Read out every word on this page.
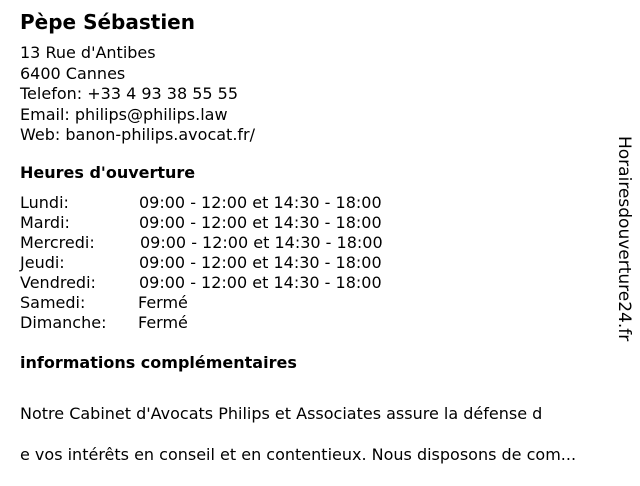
Pèpe Sébastien
13 Rue d'Antibes
6400 Cannes
Telefon: +33 4 93 38 55 55
Email: philips@philips.law
Web: banon-philips.avocat.fr/
Heures d'ouverture
Lundi:	09:00 - 12:00 et 14:30 - 18:00
Mardi:	09:00 - 12:00 et 14:30 - 18:00
Mercredi:	09:00 - 12:00 et 14:30 - 18:00
Jeudi:	09:00 - 12:00 et 14:30 - 18:00
Vendredi:	09:00 - 12:00 et 14:30 - 18:00
Samedi:	Fermé
Dimanche: Fermé
informations complémentaires

Notre Cabinet d'Avocats Philips et Associates assure la défense d

e vos intérêts en conseil et en contentieux. Nous disposons de com...

Horairesdouverture24.fr
